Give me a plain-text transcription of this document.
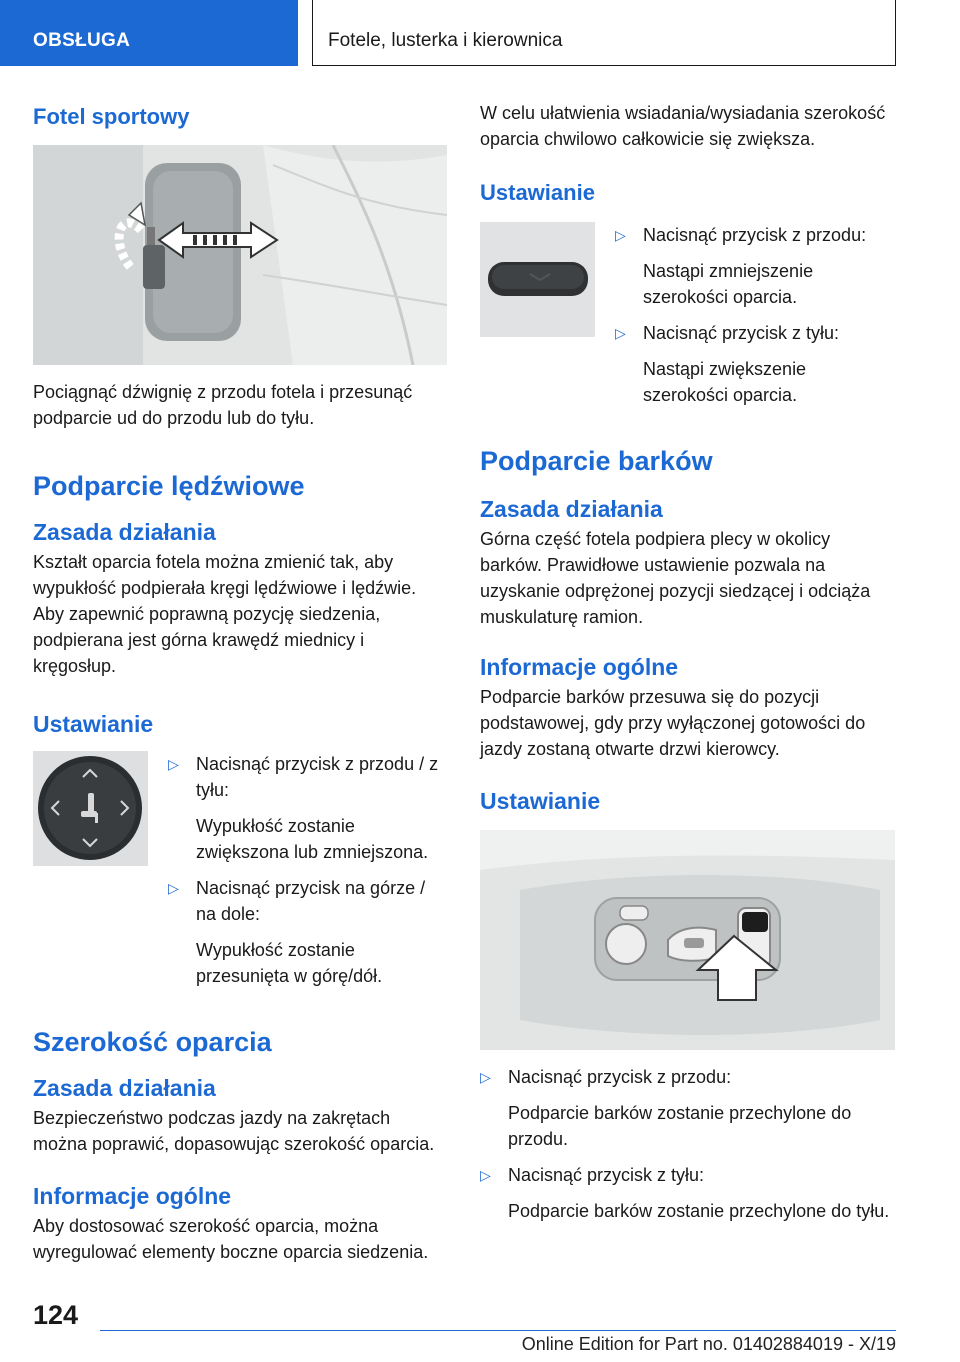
OBSŁUGA	Fotele, lusterka i kierownica
Fotel sportowy
Pociągnąć dźwignię z przodu fotela i przesunąć podparcie ud do przodu lub do tyłu.
Podparcie lędźwiowe
Zasada działania
Kształt oparcia fotela można zmienić tak, aby wypukłość podpierała kręgi lędźwiowe i lędźwie. Aby zapewnić poprawną pozycję siedzenia, podpierana jest górna krawędź miednicy i kręgosłup.
Ustawianie
▷ Nacisnąć przycisk z przodu / z tyłu:
Wypukłość zostanie zwiększona lub zmniejszona.
▷ Nacisnąć przycisk na górze / na dole:
Wypukłość zostanie przesunięta w górę/dół.
Szerokość oparcia
Zasada działania
Bezpieczeństwo podczas jazdy na zakrętach można poprawić, dopasowując szerokość oparcia.
Informacje ogólne
Aby dostosować szerokość oparcia, można wyregulować elementy boczne oparcia siedzenia.
W celu ułatwienia wsiadania/wysiadania szerokość oparcia chwilowo całkowicie się zwiększa.
Ustawianie
▷ Nacisnąć przycisk z przodu:
Nastąpi zmniejszenie szerokości oparcia.
▷ Nacisnąć przycisk z tyłu:
Nastąpi zwiększenie szerokości oparcia.
Podparcie barków
Zasada działania
Górna część fotela podpiera plecy w okolicy barków. Prawidłowe ustawienie pozwala na uzyskanie odprężonej pozycji siedzącej i odciąża muskulaturę ramion.
Informacje ogólne
Podparcie barków przesuwa się do pozycji podstawowej, gdy przy wyłączonej gotowości do jazdy zostaną otwarte drzwi kierowcy.
Ustawianie
▷ Nacisnąć przycisk z przodu:
Podparcie barków zostanie przechylone do przodu.
▷ Nacisnąć przycisk z tyłu:
Podparcie barków zostanie przechylone do tyłu.
124
Online Edition for Part no. 01402884019 - X/19
